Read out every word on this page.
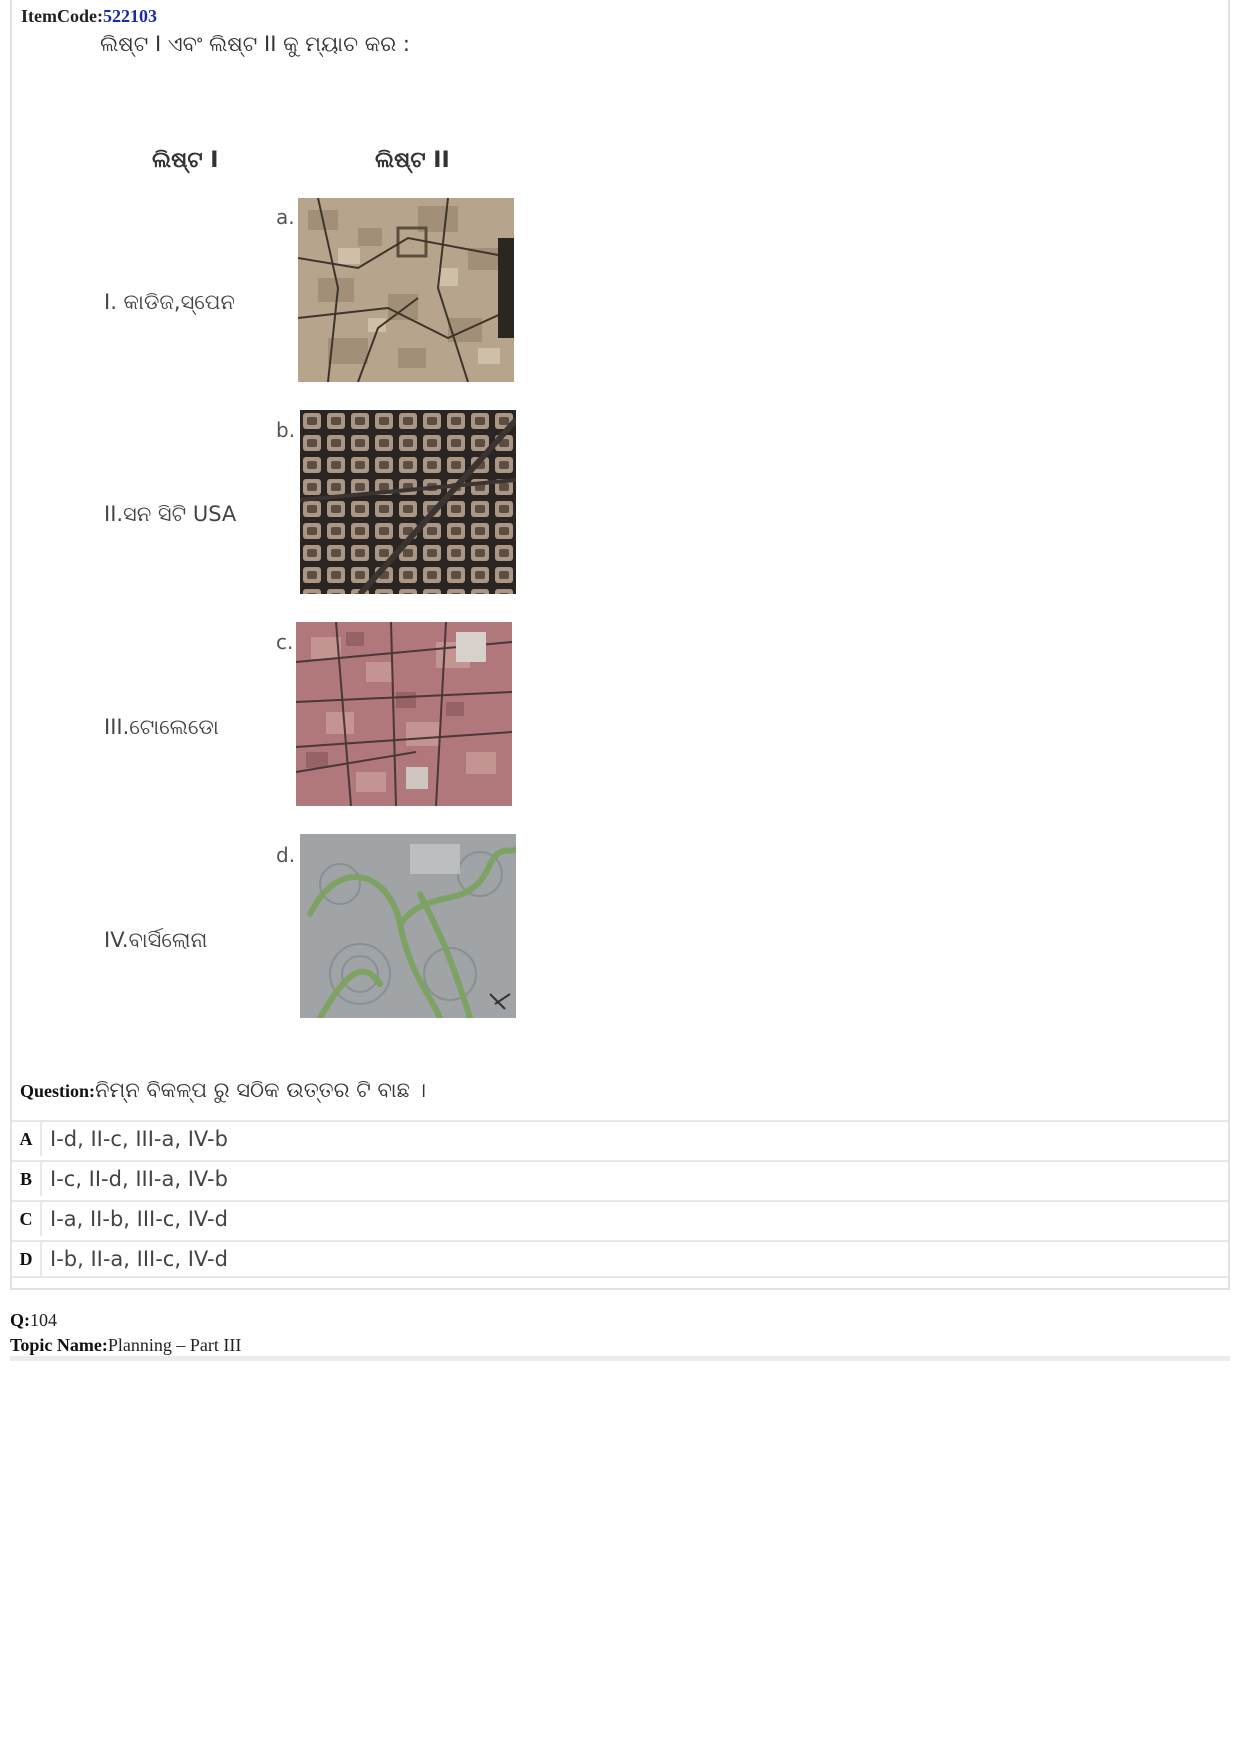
ItemCode:522103
ଲିଷ୍ଟ I ଏବଂ ଲିଷ୍ଟ II କୁ ମ୍ୟାଚ କର :
ଲିଷ୍ଟ I	ଲିଷ୍ଟ II
I. କାଡିଜ,ସ୍ପେନ
II.ସନ ସିଟି USA
III.ଟୋଲେଡୋ
IV.ବାର୍ସିଲୋନା
a.
b.
c.
d.
Question:ନିମ୍ନ ବିକଳ୍ପ ରୁ ସଠିକ ଉତ୍ତର ଟି ବାଛ ।
A I-d, II-c, III-a, IV-b
B I-c, II-d, III-a, IV-b
C I-a, II-b, III-c, IV-d
D I-b, II-a, III-c, IV-d
Q:104
Topic Name:Planning – Part III
